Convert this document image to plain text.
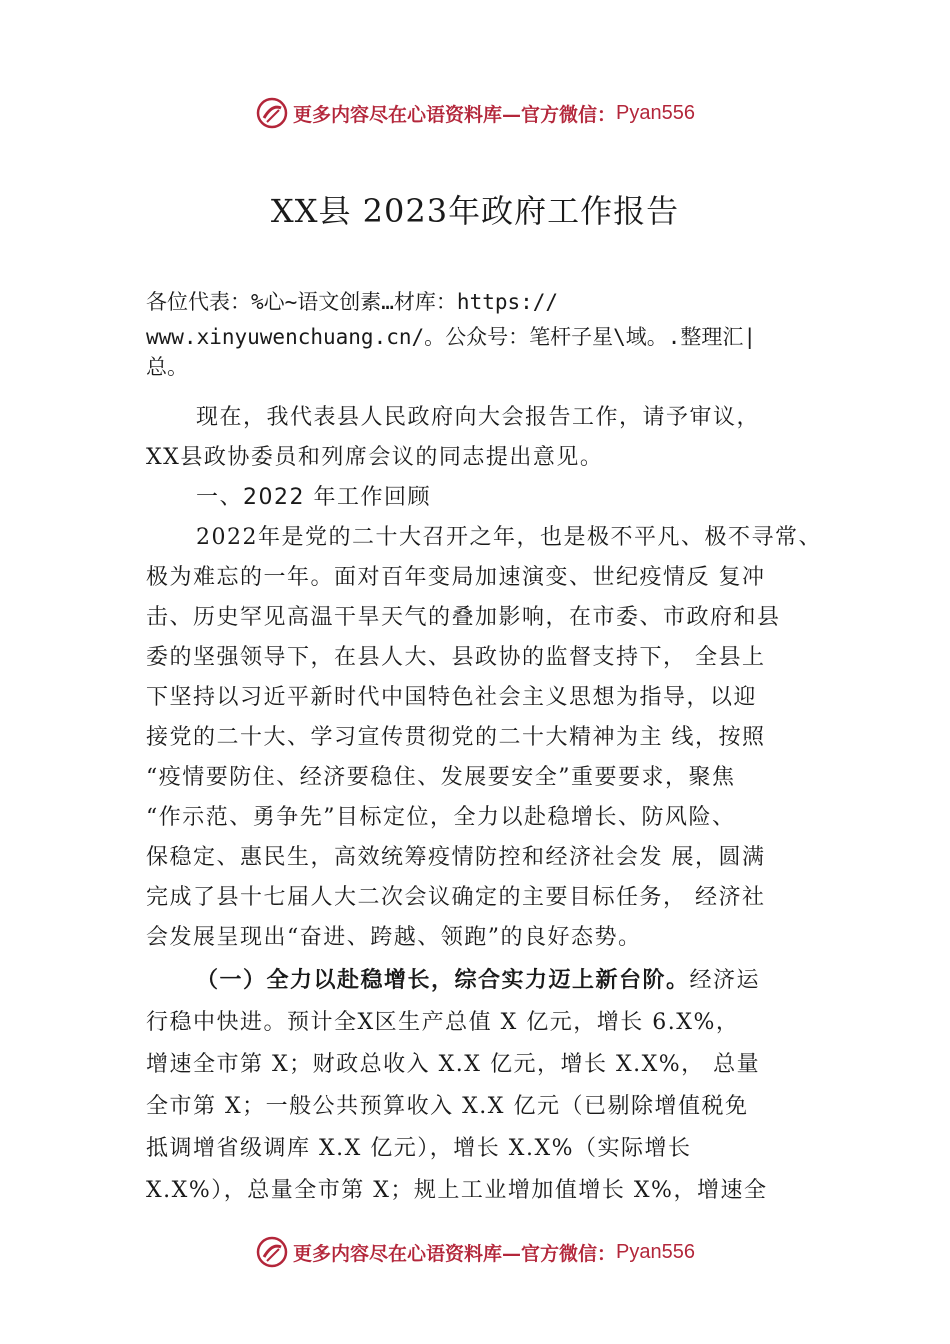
更多内容尽在心语资料库—官方微信： Pyan556
XX县 2023年政府工作报告
各位代表：%心~语文创素…材库：https://
www.xinyuwenchuang.cn/。公众号：笔杆子星\域。.整理汇|
总。
现在，我代表县人民政府向大会报告工作，请予审议，
XX县政协委员和列席会议的同志提出意见。
一、2022 年工作回顾
2022年是党的二十大召开之年，也是极不平凡、极不寻常、
极为难忘的一年。面对百年变局加速演变、世纪疫情反 复冲
击、历史罕见高温干旱天气的叠加影响，在市委、市政府和县
委的坚强领导下，在县人大、县政协的监督支持下， 全县上
下坚持以习近平新时代中国特色社会主义思想为指导，以迎
接党的二十大、学习宣传贯彻党的二十大精神为主 线，按照
“疫情要防住、经济要稳住、发展要安全”重要要求，聚焦
“作示范、勇争先”目标定位，全力以赴稳增长、防风险、
保稳定、惠民生，高效统筹疫情防控和经济社会发 展，圆满
完成了县十七届人大二次会议确定的主要目标任务， 经济社
会发展呈现出“奋进、跨越、领跑”的良好态势。
（一）全力以赴稳增长，综合实力迈上新台阶。经济运
行稳中快进。预计全X区生产总值 X 亿元，增长 6.X%，
增速全市第 X；财政总收入 X.X 亿元，增长 X.X%， 总量
全市第 X；一般公共预算收入 X.X 亿元（已剔除增值税免
抵调增省级调库 X.X 亿元），增长 X.X%（实际增长
X.X%），总量全市第 X；规上工业增加值增长 X%，增速全
更多内容尽在心语资料库—官方微信： Pyan556
